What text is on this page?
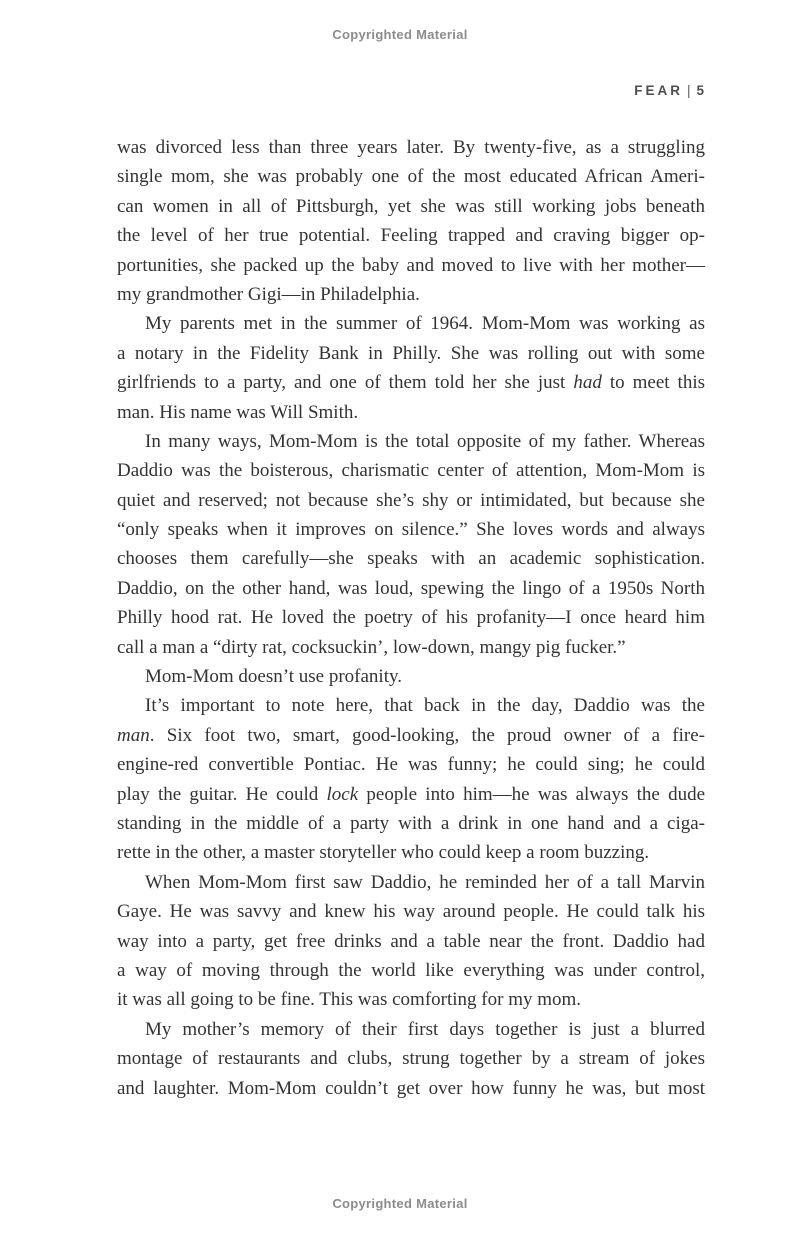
Copyrighted Material
FEAR | 5
was divorced less than three years later. By twenty-five, as a struggling
single mom, she was probably one of the most educated African Ameri-
can women in all of Pittsburgh, yet she was still working jobs beneath
the level of her true potential. Feeling trapped and craving bigger op-
portunities, she packed up the baby and moved to live with her mother—
my grandmother Gigi—in Philadelphia.
My parents met in the summer of 1964. Mom-Mom was working as
a notary in the Fidelity Bank in Philly. She was rolling out with some
girlfriends to a party, and one of them told her she just had to meet this
man. His name was Will Smith.
In many ways, Mom-Mom is the total opposite of my father. Whereas
Daddio was the boisterous, charismatic center of attention, Mom-Mom is
quiet and reserved; not because she’s shy or intimidated, but because she
“only speaks when it improves on silence.” She loves words and always
chooses them carefully—she speaks with an academic sophistication.
Daddio, on the other hand, was loud, spewing the lingo of a 1950s North
Philly hood rat. He loved the poetry of his profanity—I once heard him
call a man a “dirty rat, cocksuckin’, low-down, mangy pig fucker.”
Mom-Mom doesn’t use profanity.
It’s important to note here, that back in the day, Daddio was the
man. Six foot two, smart, good-looking, the proud owner of a fire-
engine-red convertible Pontiac. He was funny; he could sing; he could
play the guitar. He could lock people into him—he was always the dude
standing in the middle of a party with a drink in one hand and a ciga-
rette in the other, a master storyteller who could keep a room buzzing.
When Mom-Mom first saw Daddio, he reminded her of a tall Marvin
Gaye. He was savvy and knew his way around people. He could talk his
way into a party, get free drinks and a table near the front. Daddio had
a way of moving through the world like everything was under control,
it was all going to be fine. This was comforting for my mom.
My mother’s memory of their first days together is just a blurred
montage of restaurants and clubs, strung together by a stream of jokes
and laughter. Mom-Mom couldn’t get over how funny he was, but most
Copyrighted Material
